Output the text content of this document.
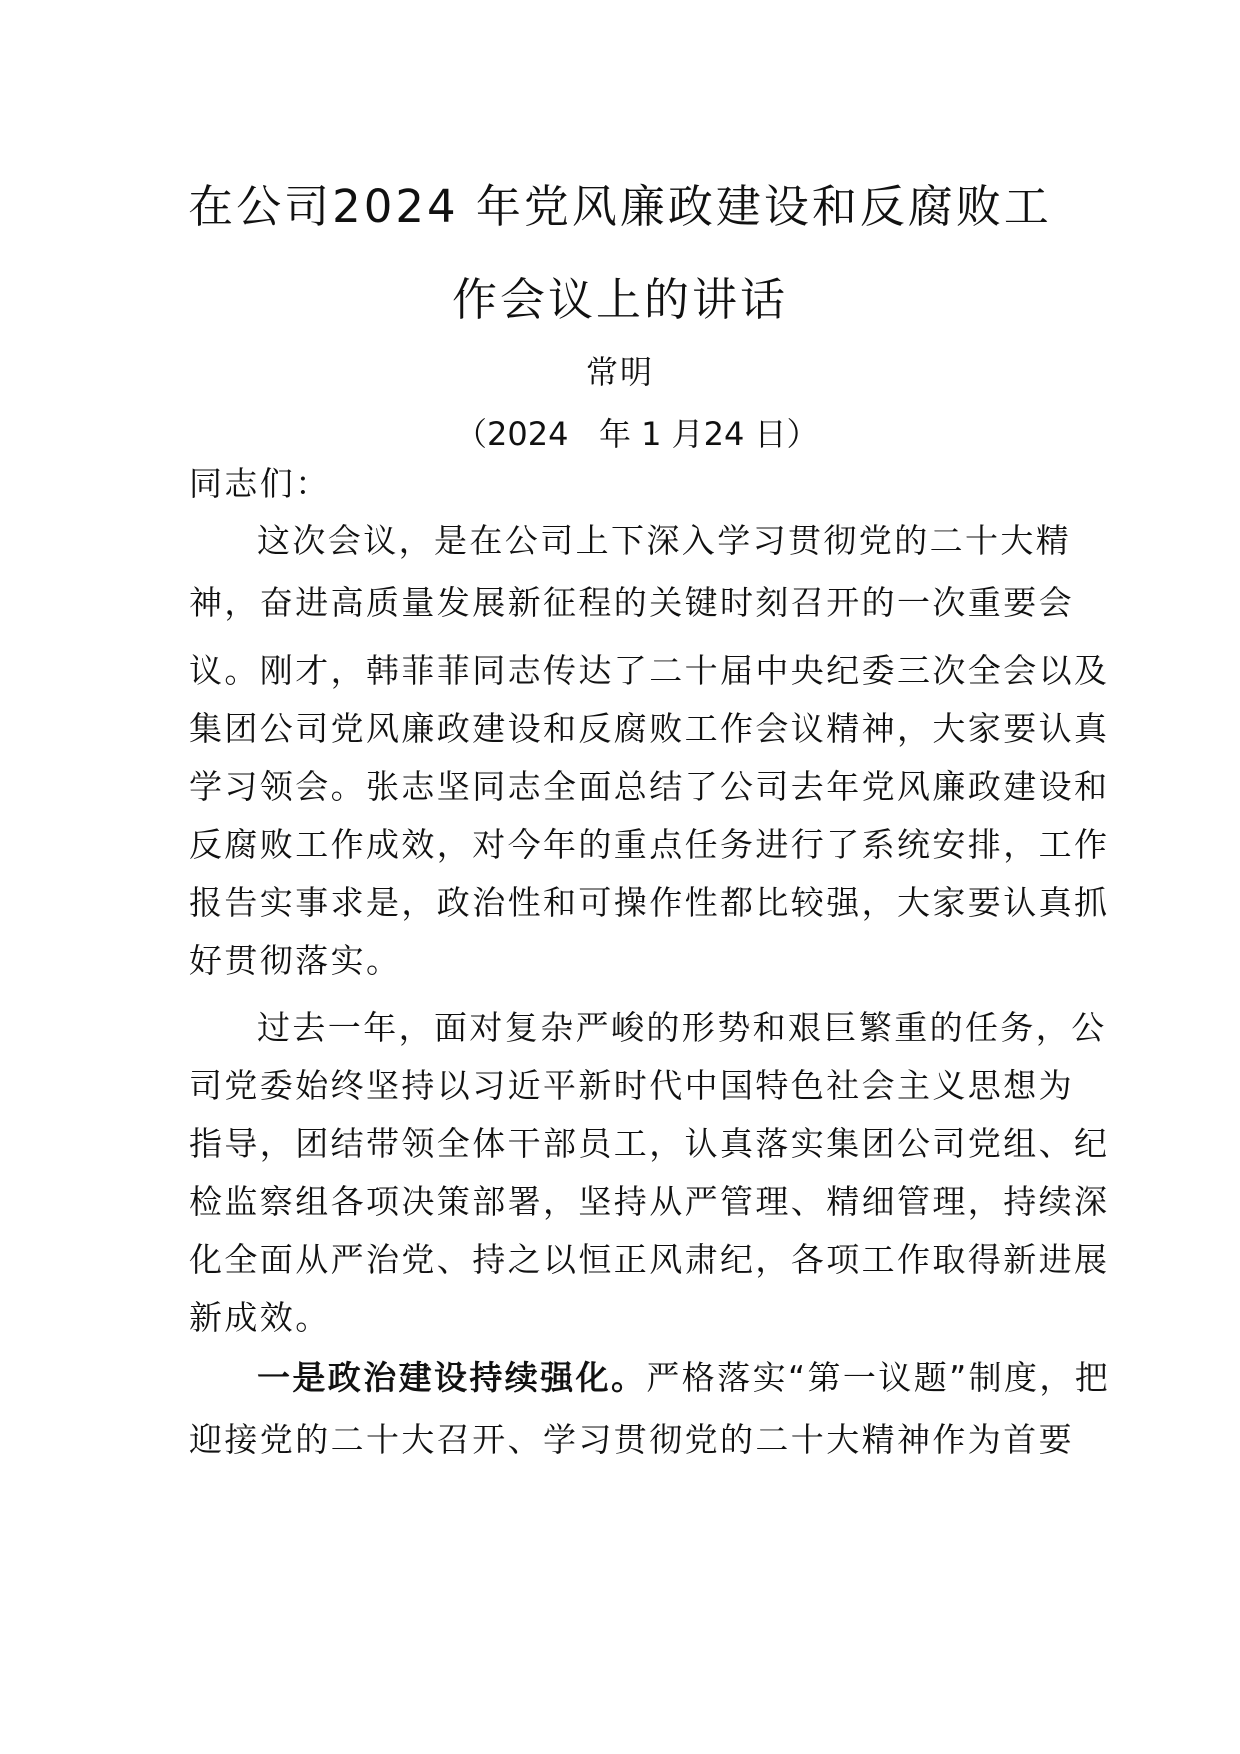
在公司2024 年党风廉政建设和反腐败工
作会议上的讲话
常明
（2024   年 1 月24 日）
同志们：
这次会议，是在公司上下深入学习贯彻党的二十大精
神，奋进高质量发展新征程的关键时刻召开的一次重要会
议。刚才，韩菲菲同志传达了二十届中央纪委三次全会以及
集团公司党风廉政建设和反腐败工作会议精神，大家要认真
学习领会。张志坚同志全面总结了公司去年党风廉政建设和
反腐败工作成效，对今年的重点任务进行了系统安排，工作
报告实事求是，政治性和可操作性都比较强，大家要认真抓
好贯彻落实。
过去一年，面对复杂严峻的形势和艰巨繁重的任务，公
司党委始终坚持以习近平新时代中国特色社会主义思想为
指导，团结带领全体干部员工，认真落实集团公司党组、纪
检监察组各项决策部署，坚持从严管理、精细管理，持续深
化全面从严治党、持之以恒正风肃纪，各项工作取得新进展
新成效。
一是政治建设持续强化。严格落实“第一议题”制度，把
迎接党的二十大召开、学习贯彻党的二十大精神作为首要
